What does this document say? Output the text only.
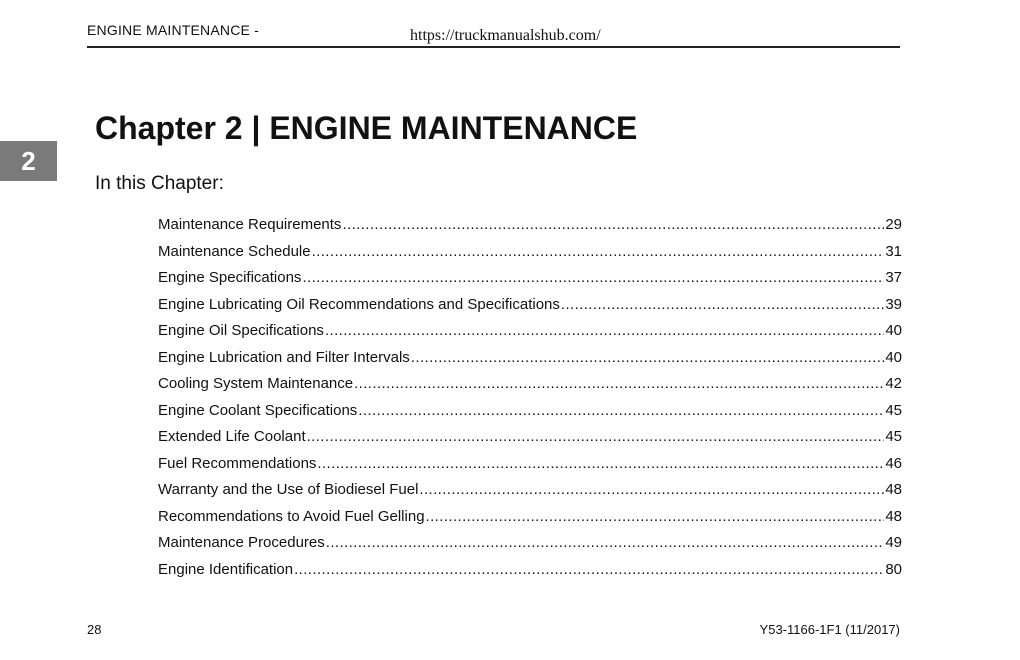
ENGINE MAINTENANCE -	https://truckmanualshub.com/
2
Chapter 2 | ENGINE MAINTENANCE
In this Chapter:
Maintenance Requirements .....	29
Maintenance Schedule .....	31
Engine Specifications .....	37
Engine Lubricating Oil Recommendations and Specifications .....	39
Engine Oil Specifications .....	40
Engine Lubrication and Filter Intervals .....	40
Cooling System Maintenance .....	42
Engine Coolant Specifications .....	45
Extended Life Coolant .....	45
Fuel Recommendations .....	46
Warranty and the Use of Biodiesel Fuel .....	48
Recommendations to Avoid Fuel Gelling .....	48
Maintenance Procedures .....	49
Engine Identification .....	80
28	Y53-1166-1F1 (11/2017)
